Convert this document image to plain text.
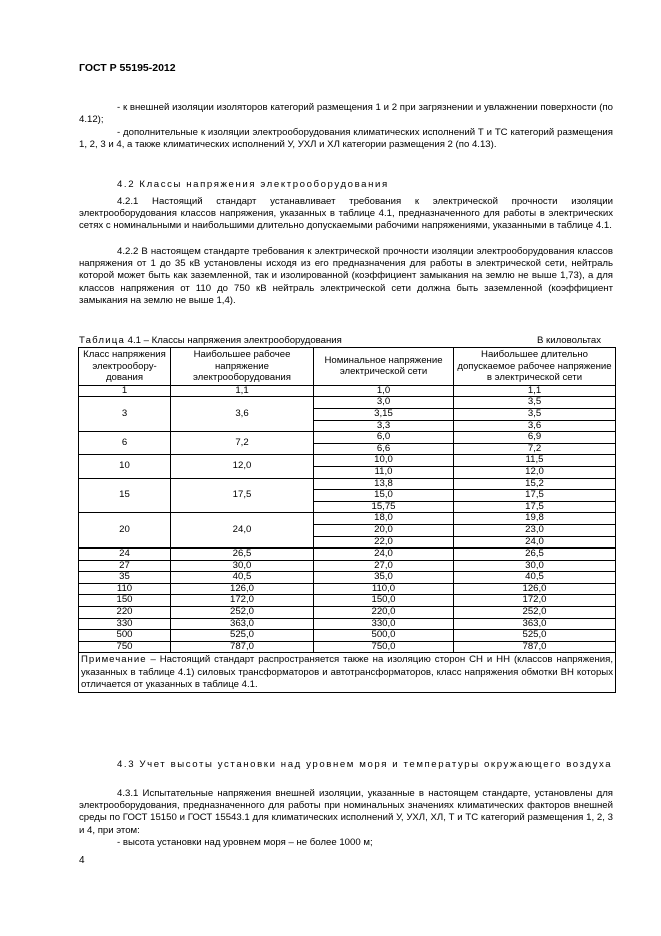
ГОСТ Р 55195-2012

- к внешней изоляции изоляторов категорий размещения 1 и 2 при загрязнении и увлажнении поверхности (по 4.12);

- дополнительные к изоляции электрооборудования климатических исполнений Т и ТС категорий размещения 1, 2, 3 и 4, а также климатических исполнений У, УХЛ и ХЛ категории размещения 2 (по 4.13).

4.2 Классы напряжения электрооборудования

4.2.1 Настоящий стандарт устанавливает требования к электрической прочности изоляции электрооборудования классов напряжения, указанных в таблице 4.1, предназначенного для работы в электрических сетях с номинальными и наибольшими длительно допускаемыми рабочими напряжениями, указанными в таблице 4.1.

4.2.2 В настоящем стандарте требования к электрической прочности изоляции электрооборудования классов напряжения от 1 до 35 кВ установлены исходя из его предназначения для работы в электрической сети, нейтраль которой может быть как заземленной, так и изолированной (коэффициент замыкания на землю не выше 1,73), а для классов напряжения от 110 до 750 кВ нейтраль электрической сети должна быть заземленной (коэффициент замыкания на землю не выше 1,4).

Таблица 4.1 – Классы напряжения электрооборудования	В киловольтах
Класс напряжения электрообору-дования	Наибольшее рабочее напряжение электрооборудования	Номинальное напряжение электрической сети	Наибольшее длительно допускаемое рабочее напряжение в электрической сети
1	1,1	1,0	1,1
3	3,6	3,0	3,5
		3,15	3,5
		3,3	3,6
6	7,2	6,0	6,9
		6,6	7,2
10	12,0	10,0	11,5
		11,0	12,0
15	17,5	13,8	15,2
		15,0	17,5
		15,75	17,5
20	24,0	18,0	19,8
		20,0	23,0
		22,0	24,0
24	26,5	24,0	26,5
27	30,0	27,0	30,0
35	40,5	35,0	40,5
110	126,0	110,0	126,0
150	172,0	150,0	172,0
220	252,0	220,0	252,0
330	363,0	330,0	363,0
500	525,0	500,0	525,0
750	787,0	750,0	787,0
Примечание – Настоящий стандарт распространяется также на изоляцию сторон СН и НН (классов напряжения, указанных в таблице 4.1) силовых трансформаторов и автотрансформаторов, класс напряжения обмотки ВН которых отличается от указанных в таблице 4.1.			

4.3 Учет высоты установки над уровнем моря и температуры окружающего воздуха

4.3.1 Испытательные напряжения внешней изоляции, указанные в настоящем стандарте, установлены для электрооборудования, предназначенного для работы при номинальных значениях климатических факторов внешней среды по ГОСТ 15150 и ГОСТ 15543.1 для климатических исполнений У, УХЛ, ХЛ, Т и ТС категорий размещения 1, 2, 3 и 4, при этом:

- высота установки над уровнем моря – не более 1000 м;

4
